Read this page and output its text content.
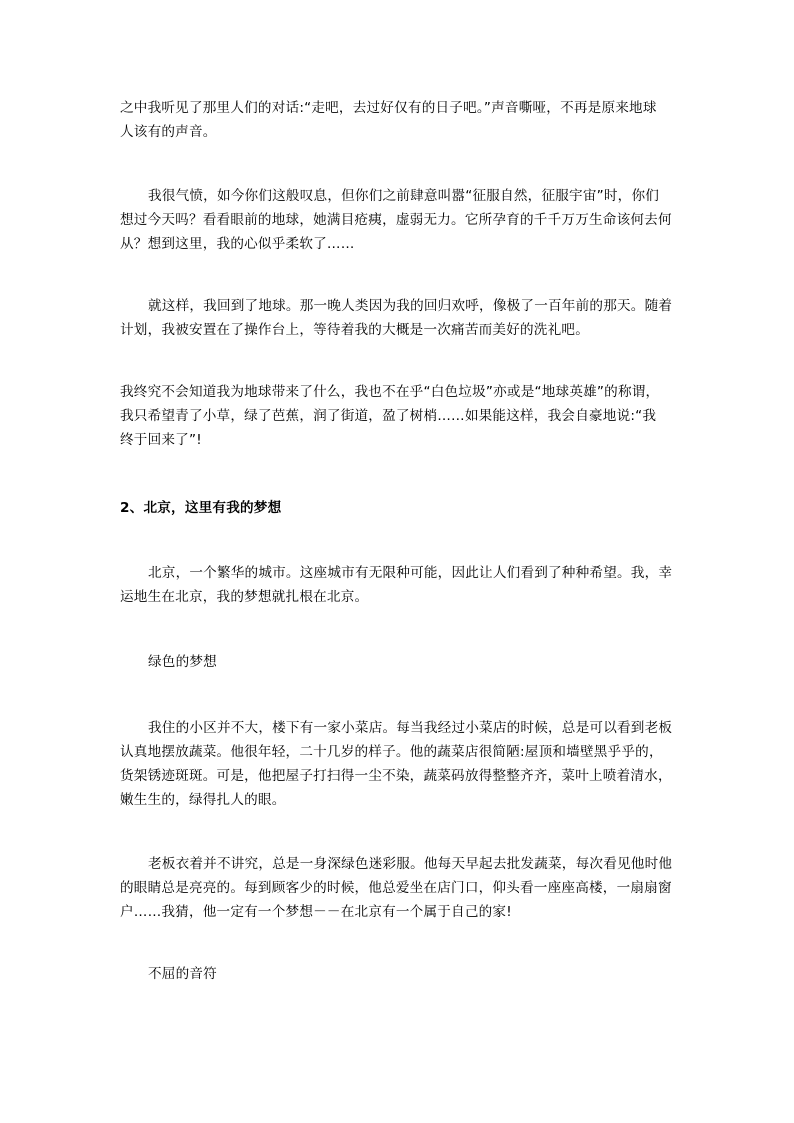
之中我听见了那里人们的对话:“走吧，去过好仅有的日子吧。”声音嘶哑，不再是原来地球
人该有的声音。

我很气愤，如今你们这般叹息，但你们之前肆意叫嚣“征服自然，征服宇宙”时，你们
想过今天吗？看看眼前的地球，她满目疮痍，虚弱无力。它所孕育的千千万万生命该何去何
从？想到这里，我的心似乎柔软了……

就这样，我回到了地球。那一晚人类因为我的回归欢呼，像极了一百年前的那天。随着
计划，我被安置在了操作台上，等待着我的大概是一次痛苦而美好的洗礼吧。

我终究不会知道我为地球带来了什么，我也不在乎“白色垃圾”亦或是“地球英雄”的称谓，
我只希望青了小草，绿了芭蕉，润了街道，盈了树梢……如果能这样，我会自豪地说:“我
终于回来了”!

2、北京，这里有我的梦想

北京，一个繁华的城市。这座城市有无限种可能，因此让人们看到了种种希望。我，幸
运地生在北京，我的梦想就扎根在北京。

绿色的梦想

我住的小区并不大，楼下有一家小菜店。每当我经过小菜店的时候，总是可以看到老板
认真地摆放蔬菜。他很年轻，二十几岁的样子。他的蔬菜店很简陋:屋顶和墙壁黑乎乎的，
货架锈迹斑斑。可是，他把屋子打扫得一尘不染，蔬菜码放得整整齐齐，菜叶上喷着清水，
嫩生生的，绿得扎人的眼。

老板衣着并不讲究，总是一身深绿色迷彩服。他每天早起去批发蔬菜，每次看见他时他
的眼睛总是亮亮的。每到顾客少的时候，他总爱坐在店门口，仰头看一座座高楼，一扇扇窗
户……我猜，他一定有一个梦想－－在北京有一个属于自己的家!

不屈的音符
